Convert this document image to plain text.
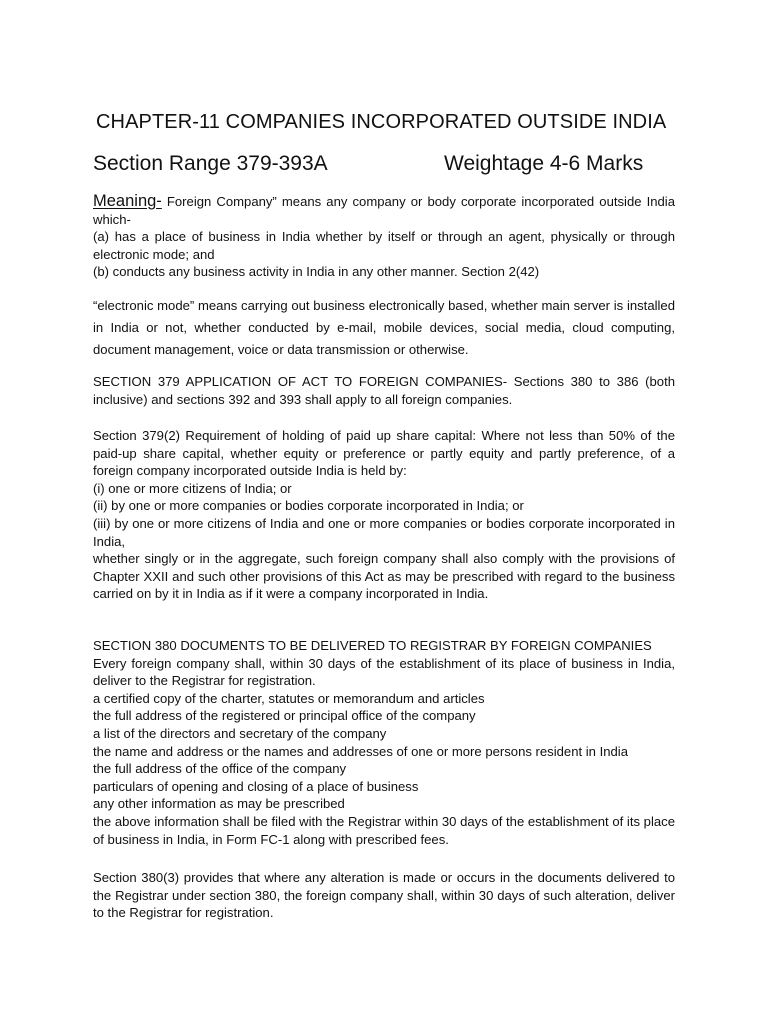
CHAPTER-11 COMPANIES INCORPORATED OUTSIDE INDIA
Section Range 379-393A	Weightage 4-6 Marks

Meaning- Foreign Company” means any company or body corporate incorporated outside India which-

(a) has a place of business in India whether by itself or through an agent, physically or through electronic mode; and

(b) conducts any business activity in India in any other manner. Section 2(42)

“electronic mode” means carrying out business electronically based, whether main server is installed in India or not, whether conducted by e-mail, mobile devices, social media, cloud computing, document management, voice or data transmission or otherwise.

SECTION 379 APPLICATION OF ACT TO FOREIGN COMPANIES- Sections 380 to 386 (both inclusive) and sections 392 and 393 shall apply to all foreign companies.

Section 379(2) Requirement of holding of paid up share capital: Where not less than 50% of the paid-up share capital, whether equity or preference or partly equity and partly preference, of a foreign company incorporated outside India is held by:

(i) one or more citizens of India; or

(ii) by one or more companies or bodies corporate incorporated in India; or

(iii) by one or more citizens of India and one or more companies or bodies corporate incorporated in India,

whether singly or in the aggregate, such foreign company shall also comply with the provisions of Chapter XXII and such other provisions of this Act as may be prescribed with regard to the business carried on by it in India as if it were a company incorporated in India.

SECTION 380 DOCUMENTS TO BE DELIVERED TO REGISTRAR BY FOREIGN COMPANIES

Every foreign company shall, within 30 days of the establishment of its place of business in India, deliver to the Registrar for registration.

a certified copy of the charter, statutes or memorandum and articles

the full address of the registered or principal office of the company

a list of the directors and secretary of the company

the name and address or the names and addresses of one or more persons resident in India

the full address of the office of the company

particulars of opening and closing of a place of business

any other information as may be prescribed

the above information shall be filed with the Registrar within 30 days of the establishment of its place of business in India, in Form FC-1 along with prescribed fees.

Section 380(3) provides that where any alteration is made or occurs in the documents delivered to the Registrar under section 380, the foreign company shall, within 30 days of such alteration, deliver to the Registrar for registration.
